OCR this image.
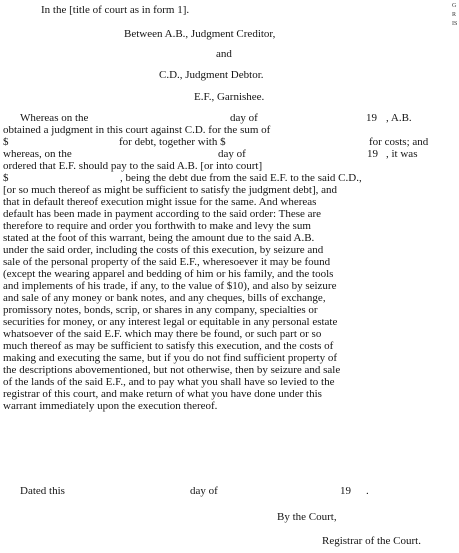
G
R
IS
In the [title of court as in form 1].
Between A.B., Judgment Creditor,
and
C.D., Judgment Debtor.
E.F., Garnishee.
Whereas on the	day of	19 , A.B.
obtained a judgment in this court against C.D. for the sum of
$	for debt, together with $	for costs; and
whereas, on the	day of	19 , it was
ordered that E.F. should pay to the said A.B. [or into court]
$	, being the debt due from the said E.F. to the said C.D.,
[or so much thereof as might be sufficient to satisfy the judgment debt], and
that in default thereof execution might issue for the same. And whereas
default has been made in payment according to the said order: These are
therefore to require and order you forthwith to make and levy the sum
stated at the foot of this warrant, being the amount due to the said A.B.
under the said order, including the costs of this execution, by seizure and
sale of the personal property of the said E.F., wheresoever it may be found
(except the wearing apparel and bedding of him or his family, and the tools
and implements of his trade, if any, to the value of $10), and also by seizure
and sale of any money or bank notes, and any cheques, bills of exchange,
promissory notes, bonds, scrip, or shares in any company, specialties or
securities for money, or any interest legal or equitable in any personal estate
whatsoever of the said E.F. which may there be found, or such part or so
much thereof as may be sufficient to satisfy this execution, and the costs of
making and executing the same, but if you do not find sufficient property of
the descriptions abovementioned, but not otherwise, then by seizure and sale
of the lands of the said E.F., and to pay what you shall have so levied to the
registrar of this court, and make return of what you have done under this
warrant immediately upon the execution thereof.
Dated this	day of	19 .
By the Court,
Registrar of the Court.
